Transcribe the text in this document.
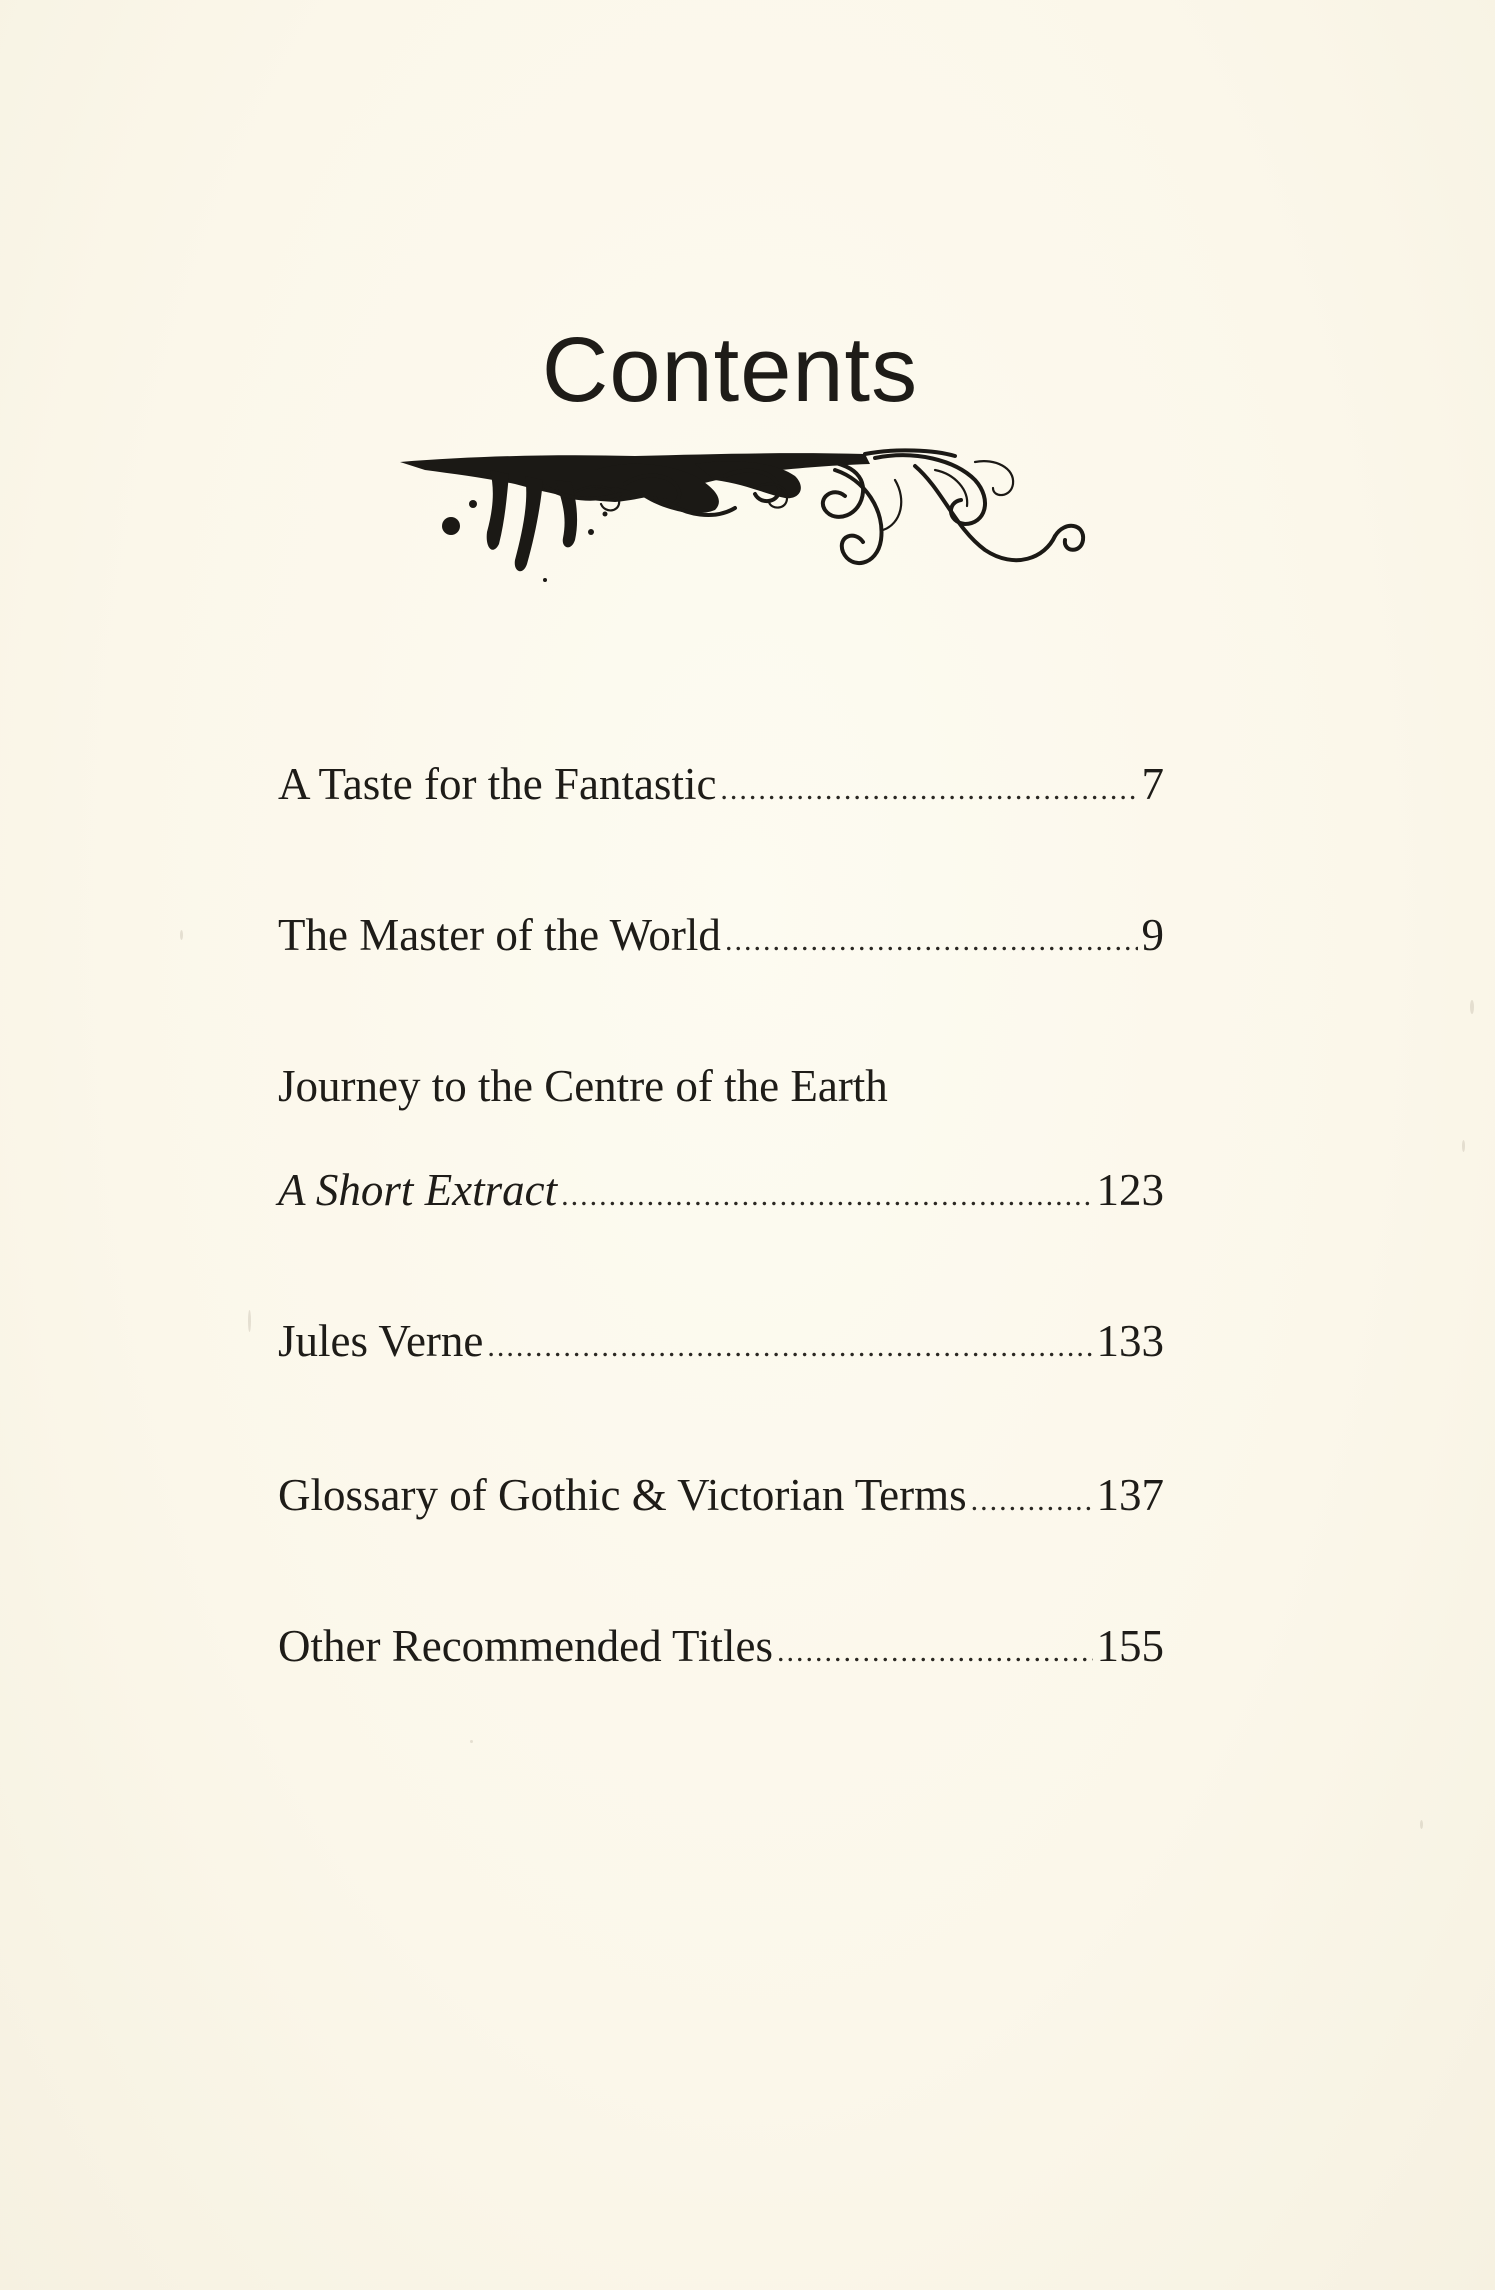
Contents
A Taste for the Fantastic .....	7
The Master of the World .....	9
Journey to the Centre of the Earth
A Short Extract .....	123
Jules Verne .....	133
Glossary of Gothic & Victorian Terms .....	137
Other Recommended Titles .....	155
